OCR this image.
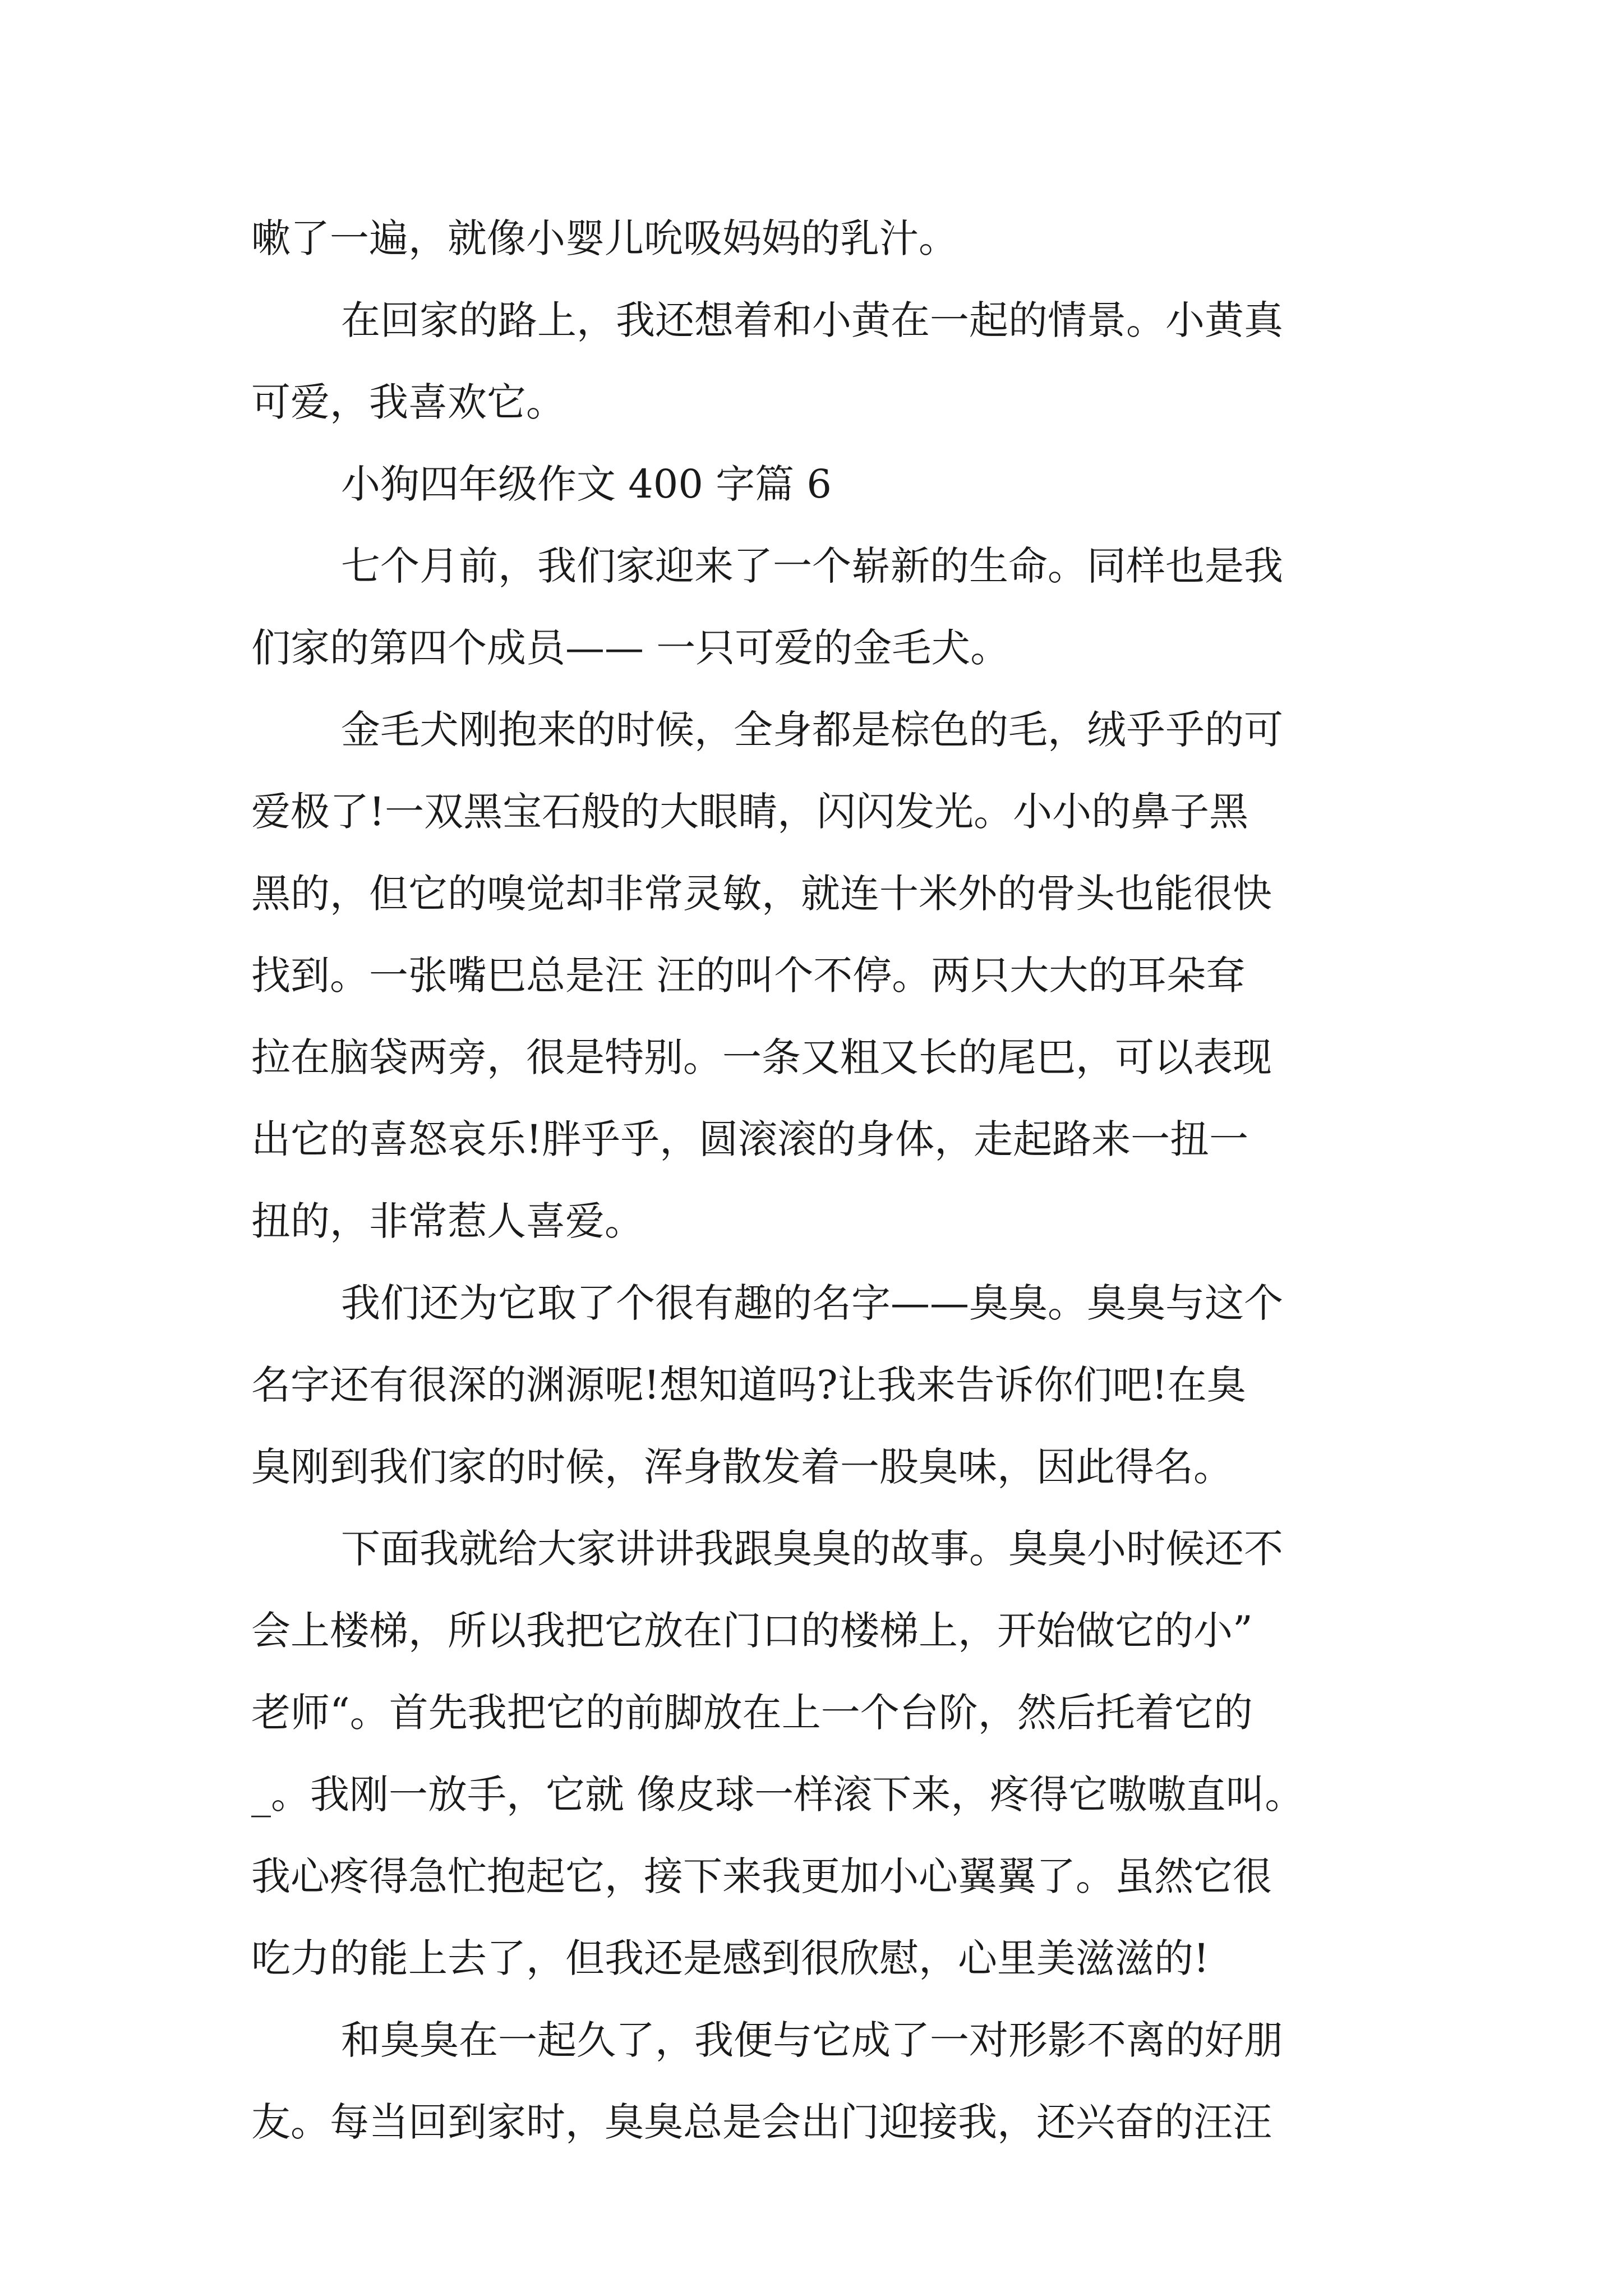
嗽了一遍，就像小婴儿吮吸妈妈的乳汁。
在回家的路上，我还想着和小黄在一起的情景。小黄真
可爱，我喜欢它。
小狗四年级作文 400 字篇 6
七个月前，我们家迎来了一个崭新的生命。同样也是我
们家的第四个成员—— 一只可爱的金毛犬。
金毛犬刚抱来的时候，全身都是棕色的毛，绒乎乎的可
爱极了!一双黑宝石般的大眼睛，闪闪发光。小小的鼻子黑
黑的，但它的嗅觉却非常灵敏，就连十米外的骨头也能很快
找到。一张嘴巴总是汪 汪的叫个不停。两只大大的耳朵耷
拉在脑袋两旁，很是特别。一条又粗又长的尾巴，可以表现
出它的喜怒哀乐!胖乎乎，圆滚滚的身体，走起路来一扭一
扭的，非常惹人喜爱。
我们还为它取了个很有趣的名字——臭臭。臭臭与这个
名字还有很深的渊源呢!想知道吗?让我来告诉你们吧!在臭
臭刚到我们家的时候，浑身散发着一股臭味，因此得名。
下面我就给大家讲讲我跟臭臭的故事。臭臭小时候还不
会上楼梯，所以我把它放在门口的楼梯上，开始做它的小”
老师“。首先我把它的前脚放在上一个台阶，然后托着它的
_。我刚一放手，它就 像皮球一样滚下来，疼得它嗷嗷直叫。
我心疼得急忙抱起它，接下来我更加小心翼翼了。虽然它很
吃力的能上去了，但我还是感到很欣慰，心里美滋滋的!
和臭臭在一起久了，我便与它成了一对形影不离的好朋
友。每当回到家时，臭臭总是会出门迎接我，还兴奋的汪汪
